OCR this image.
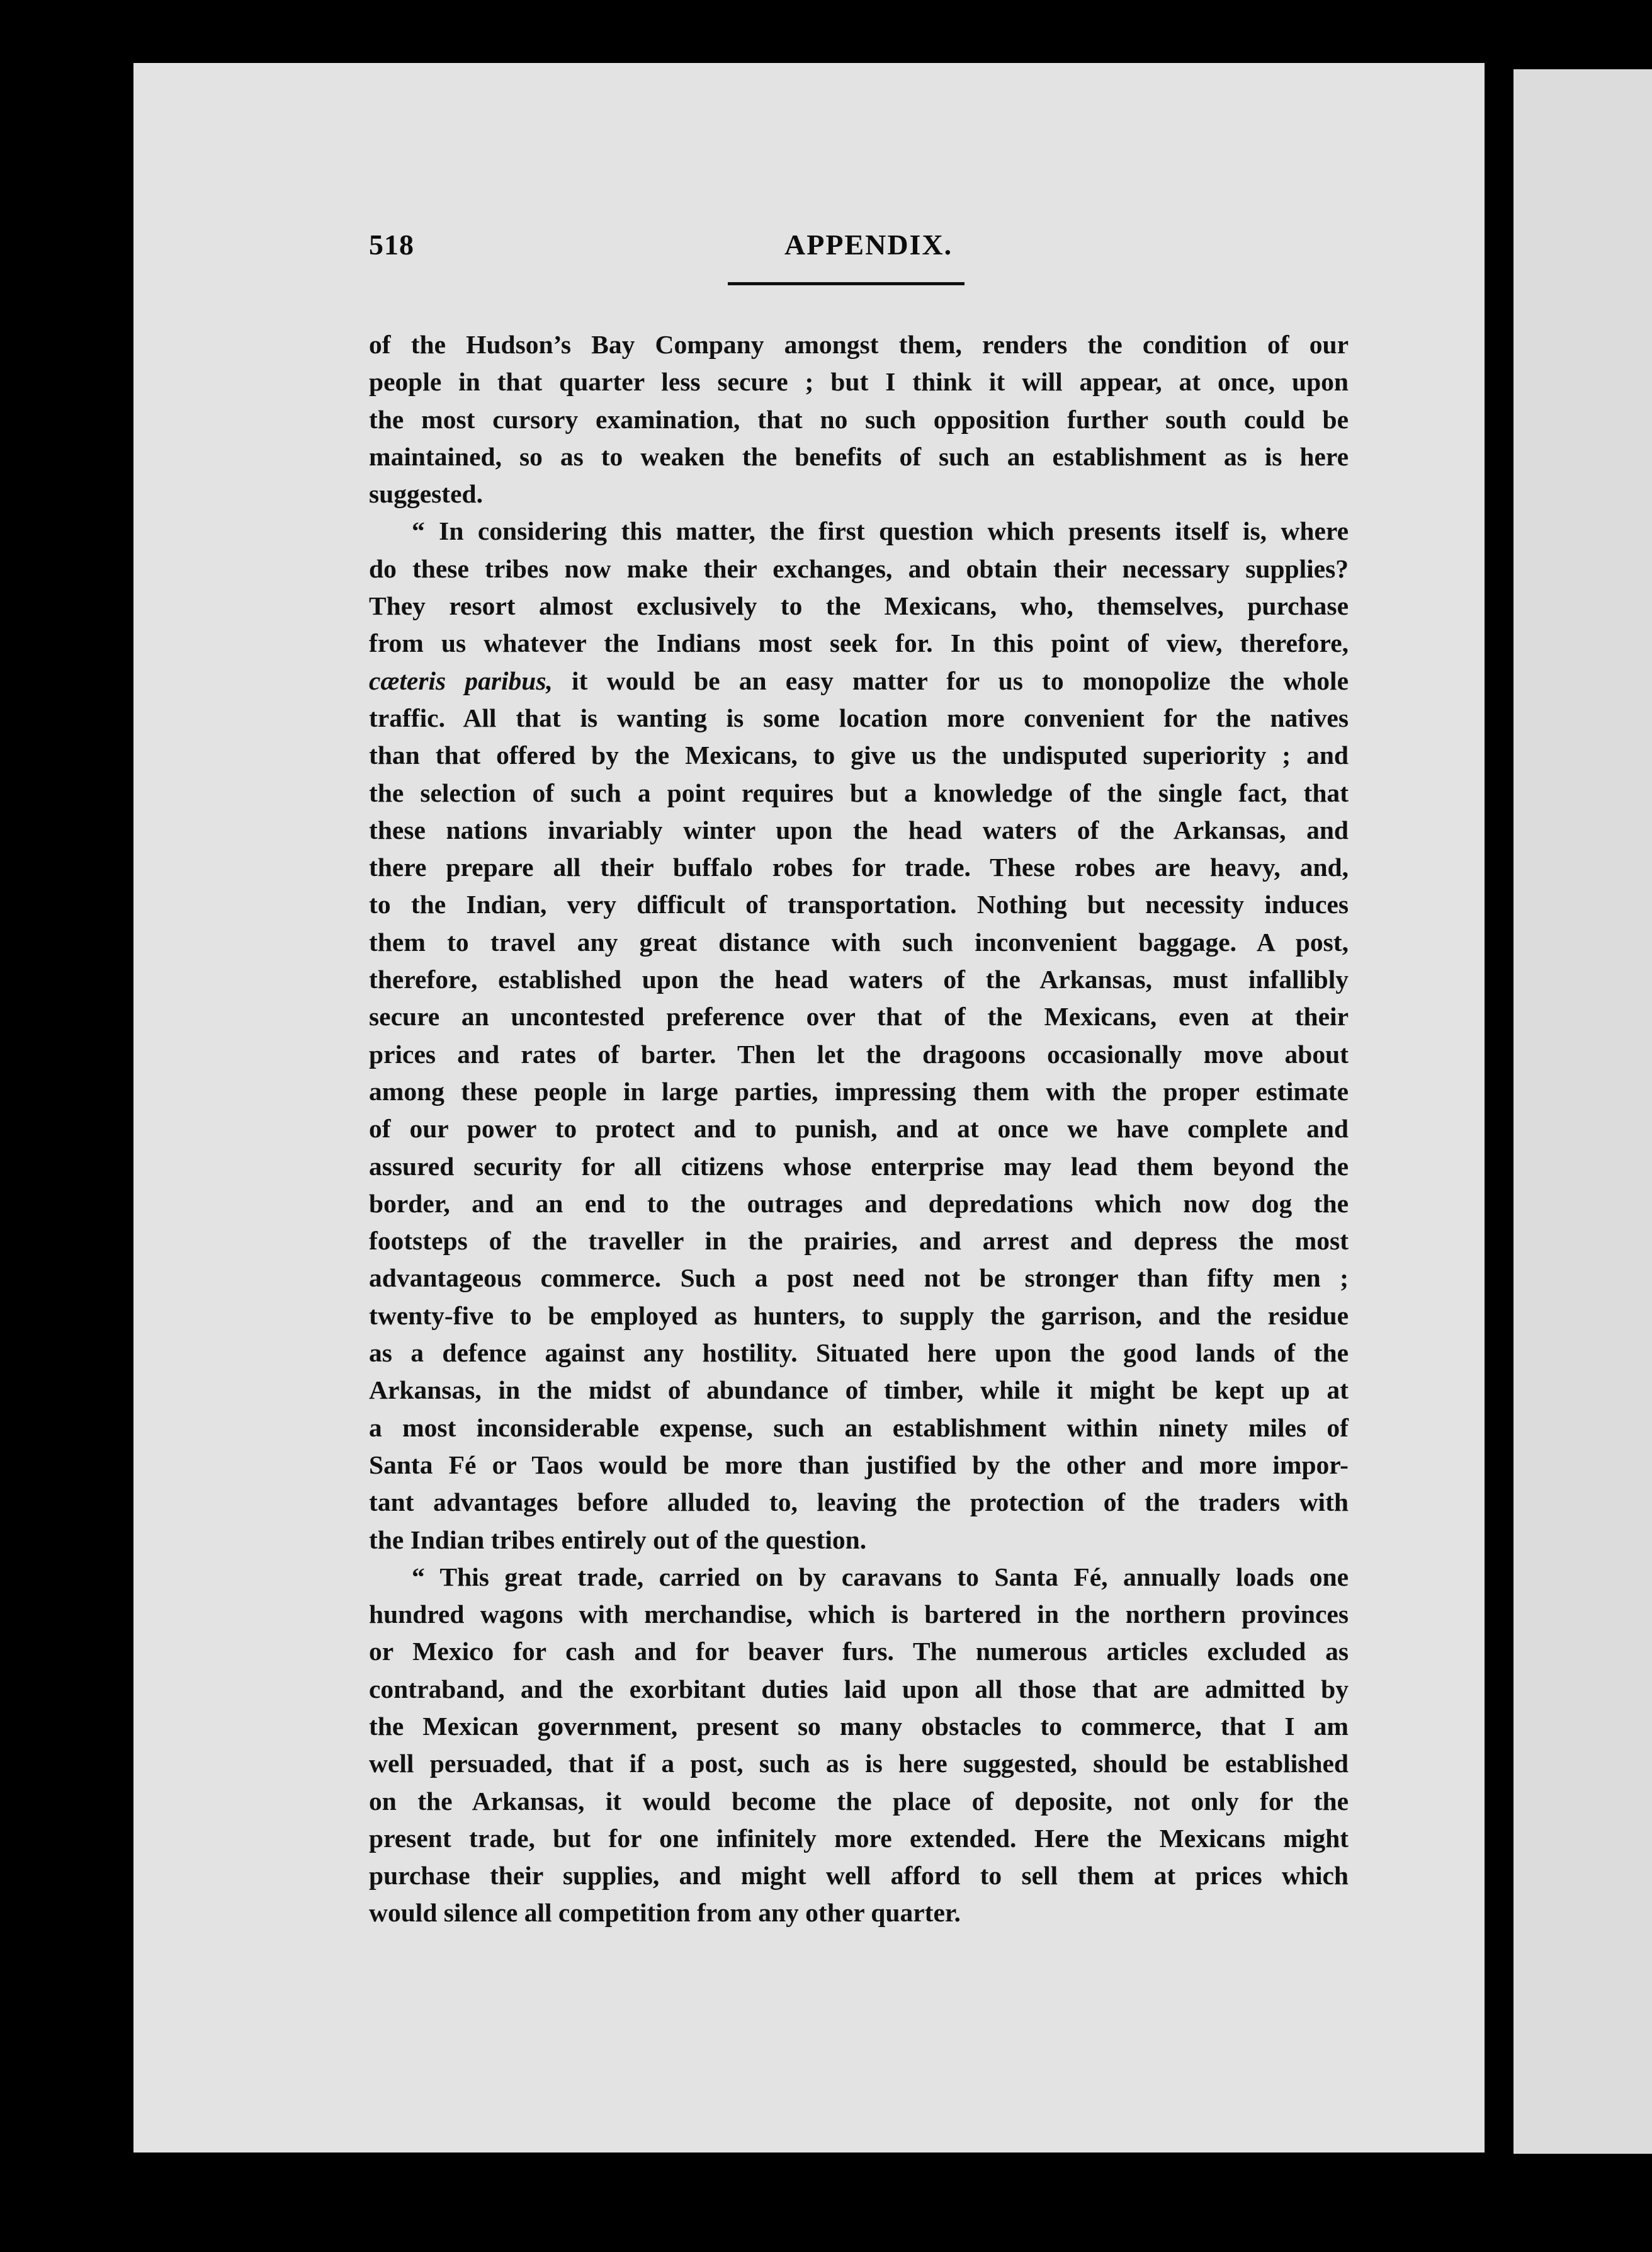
518	APPENDIX.
of the Hudson’s Bay Company amongst them, renders the condition of our
people in that quarter less secure ; but I think it will appear, at once, upon
the most cursory examination, that no such opposition further south could be
maintained, so as to weaken the benefits of such an establishment as is here
suggested.
“ In considering this matter, the first question which presents itself is, where
do these tribes now make their exchanges, and obtain their necessary supplies?
They resort almost exclusively to the Mexicans, who, themselves, purchase
from us whatever the Indians most seek for. In this point of view, therefore,
cæteris paribus, it would be an easy matter for us to monopolize the whole
traffic. All that is wanting is some location more convenient for the natives
than that offered by the Mexicans, to give us the undisputed superiority ; and
the selection of such a point requires but a knowledge of the single fact, that
these nations invariably winter upon the head waters of the Arkansas, and
there prepare all their buffalo robes for trade. These robes are heavy, and,
to the Indian, very difficult of transportation. Nothing but necessity induces
them to travel any great distance with such inconvenient baggage. A post,
therefore, established upon the head waters of the Arkansas, must infallibly
secure an uncontested preference over that of the Mexicans, even at their
prices and rates of barter. Then let the dragoons occasionally move about
among these people in large parties, impressing them with the proper estimate
of our power to protect and to punish, and at once we have complete and
assured security for all citizens whose enterprise may lead them beyond the
border, and an end to the outrages and depredations which now dog the
footsteps of the traveller in the prairies, and arrest and depress the most
advantageous commerce. Such a post need not be stronger than fifty men ;
twenty-five to be employed as hunters, to supply the garrison, and the residue
as a defence against any hostility. Situated here upon the good lands of the
Arkansas, in the midst of abundance of timber, while it might be kept up at
a most inconsiderable expense, such an establishment within ninety miles of
Santa Fé or Taos would be more than justified by the other and more impor-
tant advantages before alluded to, leaving the protection of the traders with
the Indian tribes entirely out of the question.
“ This great trade, carried on by caravans to Santa Fé, annually loads one
hundred wagons with merchandise, which is bartered in the northern provinces
or Mexico for cash and for beaver furs. The numerous articles excluded as
contraband, and the exorbitant duties laid upon all those that are admitted by
the Mexican government, present so many obstacles to commerce, that I am
well persuaded, that if a post, such as is here suggested, should be established
on the Arkansas, it would become the place of deposite, not only for the
present trade, but for one infinitely more extended. Here the Mexicans might
purchase their supplies, and might well afford to sell them at prices which
would silence all competition from any other quarter.
